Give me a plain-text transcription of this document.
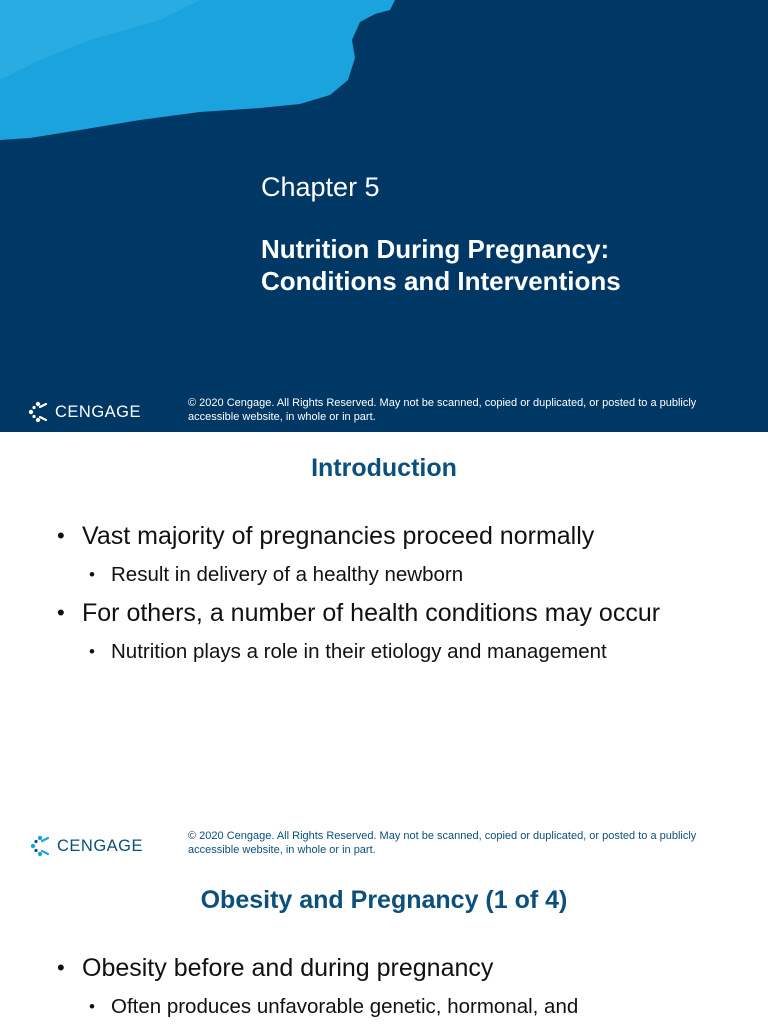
Chapter 5
Nutrition During Pregnancy:
Conditions and Interventions
CENGAGE	© 2020 Cengage. All Rights Reserved. May not be scanned, copied or duplicated, or posted to a publicly accessible website, in whole or in part.
Introduction
• Vast majority of pregnancies proceed normally
• Result in delivery of a healthy newborn
• For others, a number of health conditions may occur
• Nutrition plays a role in their etiology and management
CENGAGE
© 2020 Cengage. All Rights Reserved. May not be scanned, copied or duplicated, or posted to a publicly accessible website, in whole or in part.
Obesity and Pregnancy (1 of 4)
• Obesity before and during pregnancy
• Often produces unfavorable genetic, hormonal, and
